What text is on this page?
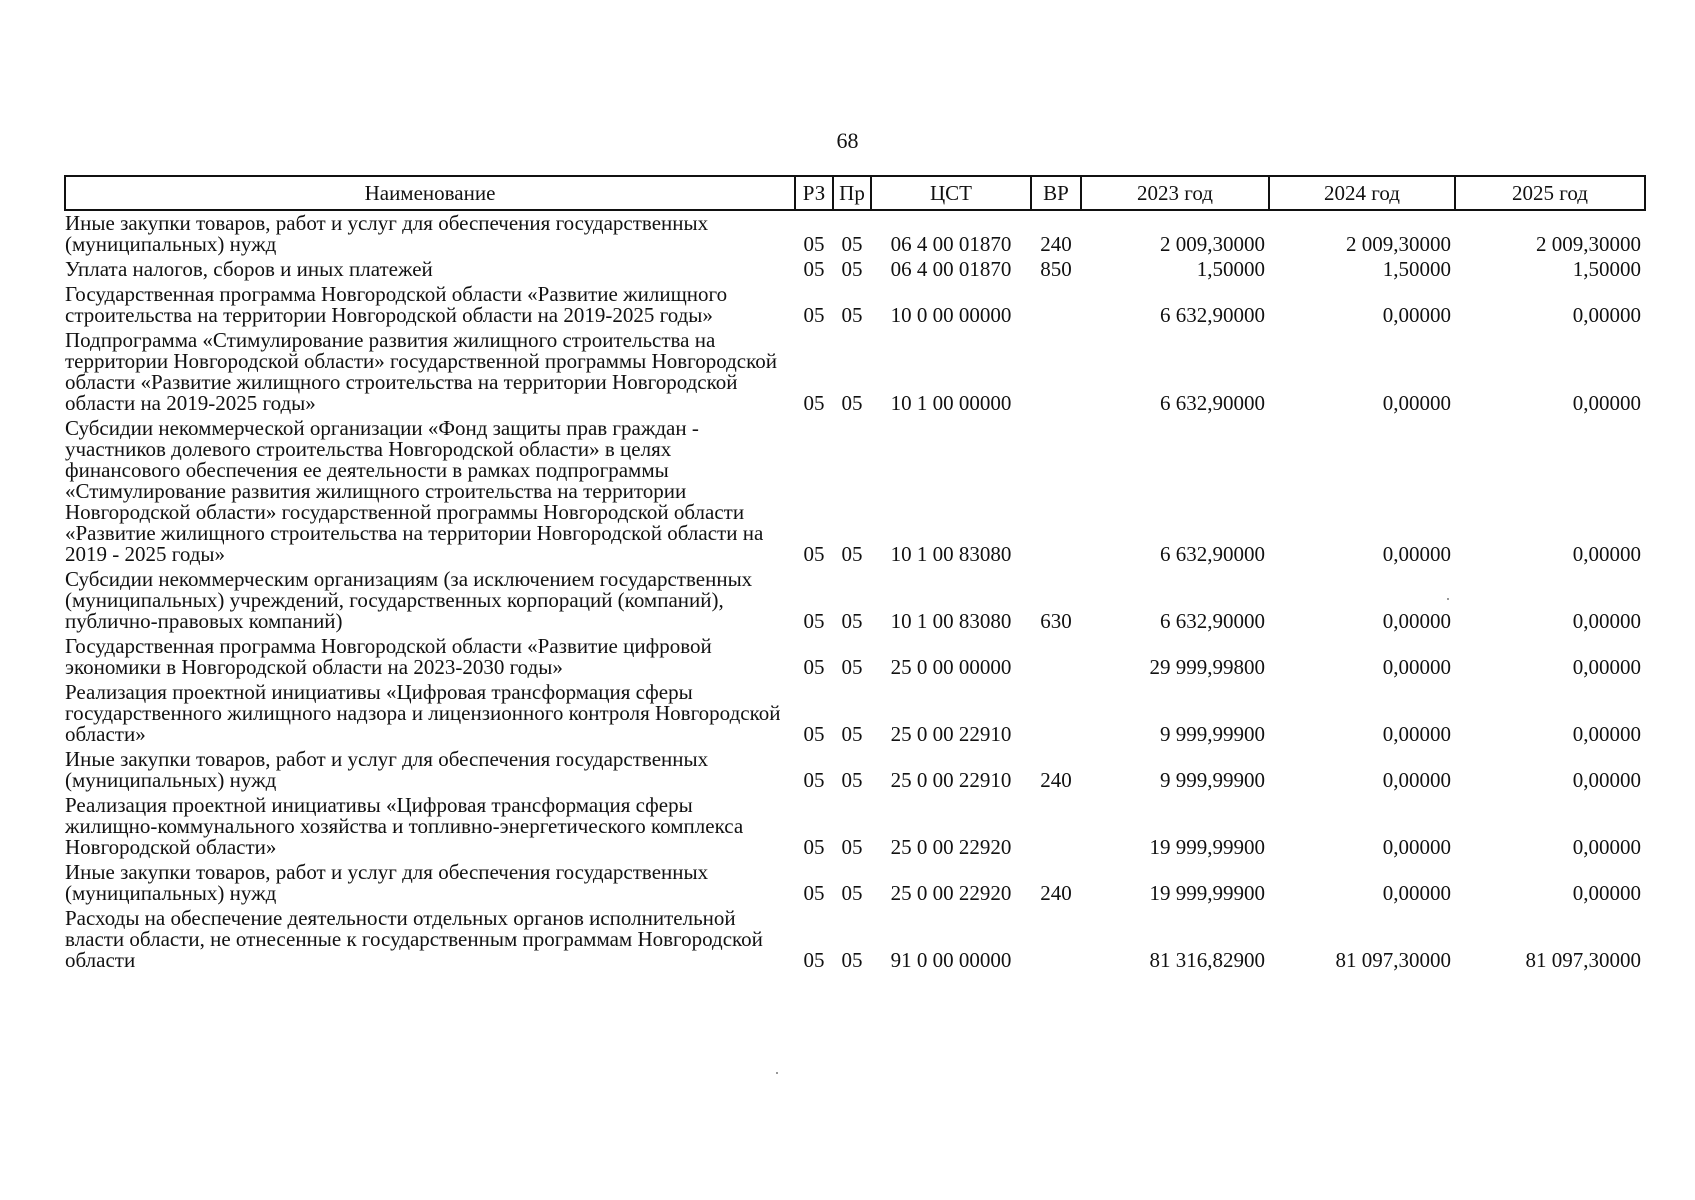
68
Наименование	РЗ	Пр	ЦСТ	ВР	2023 год	2024 год	2025 год
Иные закупки товаров, работ и услуг для обеспечения государственных (муниципальных) нужд	05	05	06 4 00 01870	240	2 009,30000	2 009,30000	2 009,30000
Уплата налогов, сборов и иных платежей	05	05	06 4 00 01870	850	1,50000	1,50000	1,50000
Государственная программа Новгородской области «Развитие жилищного строительства на территории Новгородской области на 2019-2025 годы»	05	05	10 0 00 00000		6 632,90000	0,00000	0,00000
Подпрограмма «Стимулирование развития жилищного строительства на территории Новгородской области» государственной программы Новгородской области «Развитие жилищного строительства на территории Новгородской области на 2019-2025 годы»	05	05	10 1 00 00000		6 632,90000	0,00000	0,00000
Субсидии некоммерческой организации «Фонд защиты прав граждан - участников долевого строительства Новгородской области» в целях финансового обеспечения ее деятельности в рамках подпрограммы «Стимулирование развития жилищного строительства на территории Новгородской области» государственной программы Новгородской области «Развитие жилищного строительства на территории Новгородской области на 2019 - 2025 годы»	05	05	10 1 00 83080		6 632,90000	0,00000	0,00000
Субсидии некоммерческим организациям (за исключением государственных (муниципальных) учреждений, государственных корпораций (компаний), публично-правовых компаний)	05	05	10 1 00 83080	630	6 632,90000	0,00000	0,00000
Государственная программа Новгородской области «Развитие цифровой экономики в Новгородской области на 2023-2030 годы»	05	05	25 0 00 00000		29 999,99800	0,00000	0,00000
Реализация проектной инициативы «Цифровая трансформация сферы государственного жилищного надзора и лицензионного контроля Новгородской области»	05	05	25 0 00 22910		9 999,99900	0,00000	0,00000
Иные закупки товаров, работ и услуг для обеспечения государственных (муниципальных) нужд	05	05	25 0 00 22910	240	9 999,99900	0,00000	0,00000
Реализация проектной инициативы «Цифровая трансформация сферы жилищно-коммунального хозяйства и топливно-энергетического комплекса Новгородской области»	05	05	25 0 00 22920		19 999,99900	0,00000	0,00000
Иные закупки товаров, работ и услуг для обеспечения государственных (муниципальных) нужд	05	05	25 0 00 22920	240	19 999,99900	0,00000	0,00000
Расходы на обеспечение деятельности отдельных органов исполнительной власти области, не отнесенные к государственным программам Новгородской области	05	05	91 0 00 00000		81 316,82900	81 097,30000	81 097,30000
